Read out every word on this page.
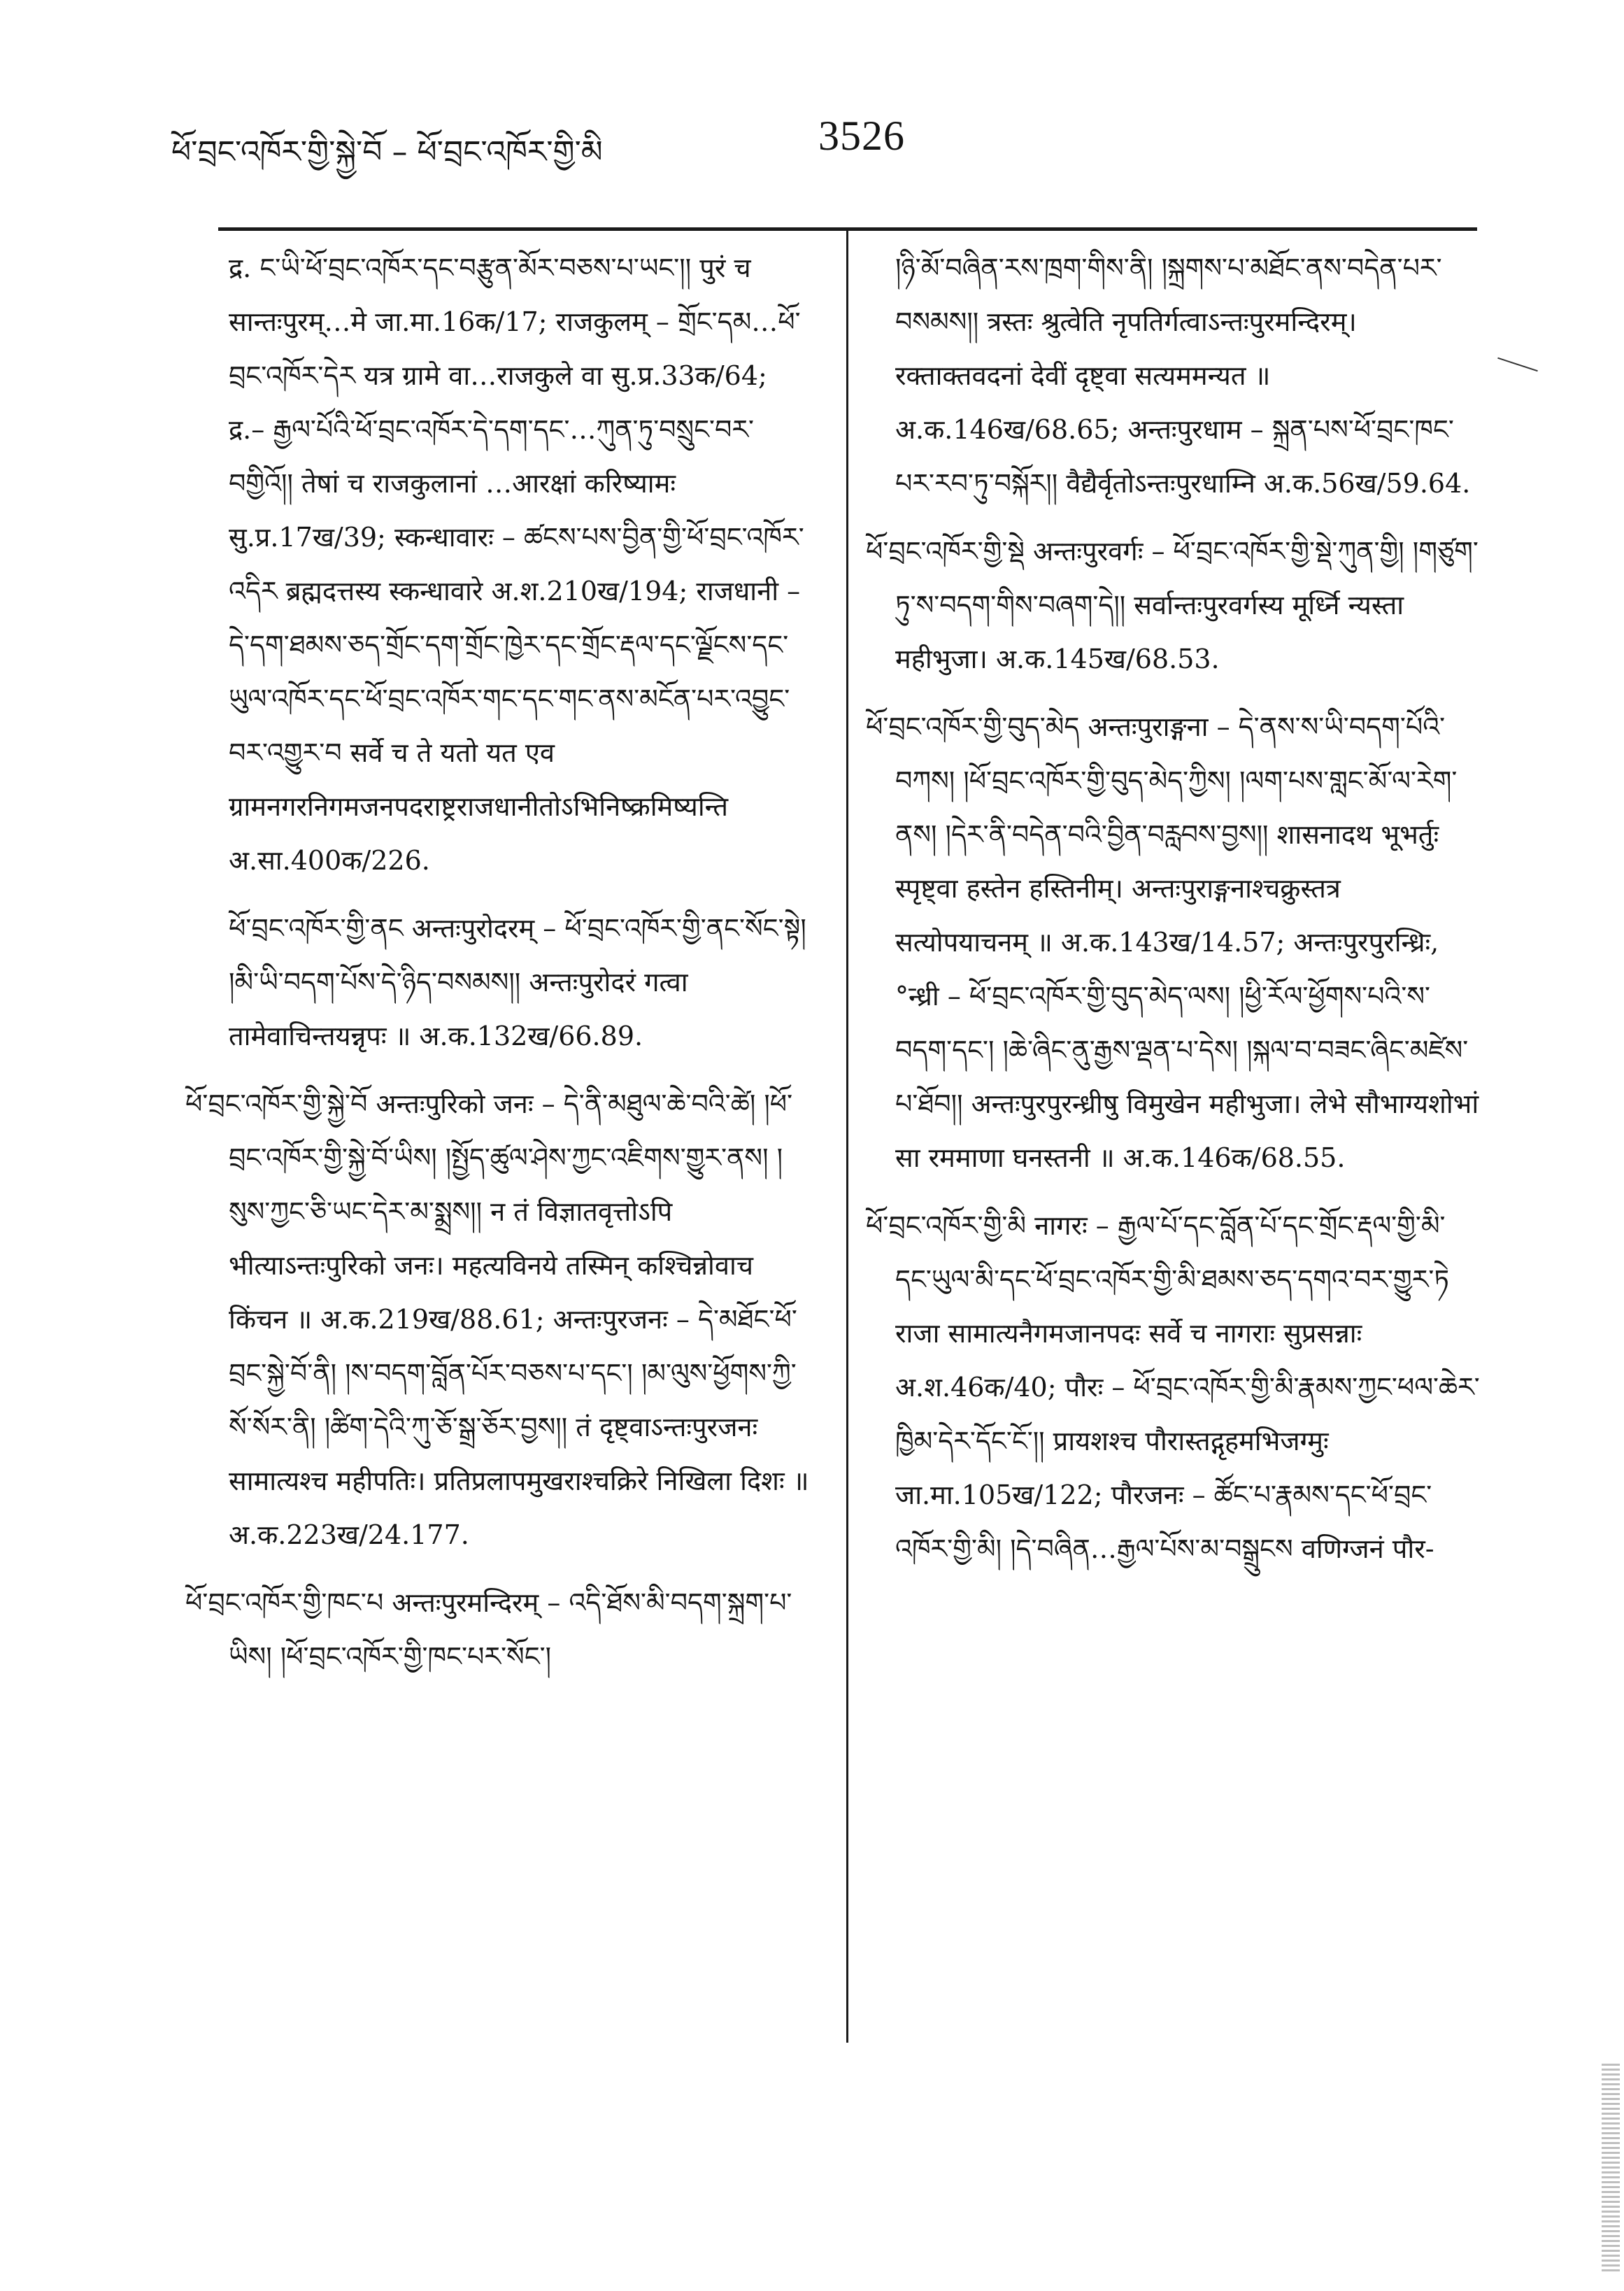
ཕོ་བྲང་འཁོར་གྱི་སྐྱེ་བོ – ཕོ་བྲང་འཁོར་གྱི་མི	3526

द्र. ང་ཡི་ཕོ་བྲང་འཁོར་དང་བརྩུན་མོར་བཅས་པ་ཡང་།། पुरं च सान्तःपुरम्…मे जा.मा.16क/17; राजकुलम् – གྲོང་དམ…ཕོ་བྲང་འཁོར་དེར यत्र ग्रामे वा…राजकुले वा सु.प्र.33क/64; द्र.– རྒྱལ་པོའི་ཕོ་བྲང་འཁོར་དེ་དག་དང་…ཀུན་ཏུ་བསྲུང་བར་བགྱིའོ།། तेषां च राजकुलानां …आरक्षां करिष्यामः सु.प्र.17ख/39; स्कन्धावारः – ཚངས་པས་བྱིན་གྱི་ཕོ་བྲང་འཁོར་འདིར ब्रह्मदत्तस्य स्कन्धावारे अ.श.210ख/194; राजधानी – དེ་དག་ཐམས་ཅད་གྲོང་དག་གྲོང་ཁྱེར་དང་གྲོང་རྡལ་དང་ལྗོངས་དང་ཡུལ་འཁོར་དང་ཕོ་བྲང་འཁོར་གང་དང་གང་ནས་མངོན་པར་འབྱུང་བར་འགྱུར་བ सर्वे च ते यतो यत एव ग्रामनगरनिगमजनपदराष्ट्रराजधानीतोऽभिनिष्क्रमिष्यन्ति अ.सा.400क/226.

ཕོ་བྲང་འཁོར་གྱི་ནང अन्तःपुरोदरम् – ཕོ་བྲང་འཁོར་གྱི་ནང་སོང་སྟེ། །མི་ཡི་བདག་པོས་དེ་ཉིད་བསམས།། अन्तःपुरोदरं गत्वा तामेवाचिन्तयन्नृपः ॥ अ.क.132ख/66.89.

ཕོ་བྲང་འཁོར་གྱི་སྐྱེ་བོ अन्तःपुरिको जनः – དེ་ནི་མཐུལ་ཆེ་བའི་ཚེ། །ཕོ་བྲང་འཁོར་གྱི་སྐྱེ་བོ་ཡིས། །སྤྱོད་ཚུལ་ཤེས་ཀྱང་འཇིགས་གྱུར་ནས། །སུས་ཀྱང་ཅི་ཡང་དེར་མ་སྨྲས།། न तं विज्ञातवृत्तोऽपि भीत्याऽन्तःपुरिको जनः। महत्यविनये तस्मिन् कश्चिन्नोवाच किंचन ॥ अ.क.219ख/88.61; अन्तःपुरजनः – དེ་མཐོང་ཕོ་བྲང་སྐྱེ་བོ་ནི། །ས་བདག་བློན་པོར་བཅས་པ་དང་། །མ་ལུས་ཕྱོགས་ཀྱི་སོ་སོར་ནི། །ཚིག་དེའི་ཀུ་ཅོ་སྒྲ་ཅོར་བྱས།། तं दृष्ट्वाऽन्तःपुरजनः सामात्यश्च महीपतिः। प्रतिप्रलापमुखराश्चक्रिरे निखिला दिशः ॥ अ.क.223ख/24.177.

ཕོ་བྲང་འཁོར་གྱི་ཁང་པ अन्तःपुरमन्दिरम् – འདི་ཐོས་མི་བདག་སྐྲག་པ་ཡིས། །ཕོ་བྲང་འཁོར་གྱི་ཁང་པར་སོང་།

།ཉི་མོ་བཞིན་རས་ཁྲག་གིས་ནི། །སྐྲགས་པ་མཐོང་ནས་བདེན་པར་བསམས།། त्रस्तः श्रुत्वेति नृपतिर्गत्वाऽन्तःपुरमन्दिरम्। रक्ताक्तवदनां देवीं दृष्ट्वा सत्यममन्यत ॥ अ.क.146ख/68.65; अन्तःपुरधाम – སྐྲན་པས་ཕོ་བྲང་ཁང་པར་རབ་ཏུ་བསྐོར།། वैद्यैर्वृतोऽन्तःपुरधाम्नि अ.क.56ख/59.64.

ཕོ་བྲང་འཁོར་གྱི་སྡེ अन्तःपुरवर्गः – ཕོ་བྲང་འཁོར་གྱི་སྡེ་ཀུན་གྱི། །གཙུག་ཏུ་ས་བདག་གིས་བཞག་དེ།། सर्वान्तःपुरवर्गस्य मूर्ध्नि न्यस्ता महीभुजा। अ.क.145ख/68.53.

ཕོ་བྲང་འཁོར་གྱི་བུད་མེད अन्तःपुराङ्गना – དེ་ནས་ས་ཡི་བདག་པོའི་བཀས། །ཕོ་བྲང་འཁོར་གྱི་བུད་མེད་ཀྱིས། །ལག་པས་གླང་མོ་ལ་རེག་ནས། །དེར་ནི་བདེན་བའི་བྱིན་བརླབས་བྱས།། शासनादथ भूभर्तुः स्पृष्ट्वा हस्तेन हस्तिनीम्। अन्तःपुराङ्गनाश्चक्रुस्तत्र सत्योपयाचनम् ॥ अ.क.143ख/14.57; अन्तःपुरपुरन्ध्रिः, °न्ध्री – ཕོ་བྲང་འཁོར་གྱི་བུད་མེད་ལས། །ཕྱི་རོལ་ཕྱོགས་པའི་ས་བདག་དང་། །ཆེ་ཞིང་ནུ་རྒྱས་ལྡན་པ་དེས། །སྐལ་བ་བཟང་ཞིང་མཛེས་པ་ཐོབ།། अन्तःपुरपुरन्ध्रीषु विमुखेन महीभुजा। लेभे सौभाग्यशोभां सा रममाणा घनस्तनी ॥ अ.क.146क/68.55.

ཕོ་བྲང་འཁོར་གྱི་མི नागरः – རྒྱལ་པོ་དང་བློན་པོ་དང་གྲོང་རྡལ་གྱི་མི་དང་ཡུལ་མི་དང་ཕོ་བྲང་འཁོར་གྱི་མི་ཐམས་ཅད་དགའ་བར་གྱུར་ཏེ राजा सामात्यनैगमजानपदः सर्वे च नागराः सुप्रसन्नाः अ.श.46क/40; पौरः – ཕོ་བྲང་འཁོར་གྱི་མི་རྣམས་ཀྱང་ཕལ་ཆེར་ཁྱིམ་དེར་དོང་ངོ་།། प्रायशश्च पौरास्तद्गृहमभिजग्मुः जा.मा.105ख/122; पौरजनः – ཚོང་པ་རྣམས་དང་ཕོ་བྲང་འཁོར་གྱི་མི། །དེ་བཞིན…རྒྱལ་པོས་མ་བསྒྲུངས वणिग्जनं पौर-
